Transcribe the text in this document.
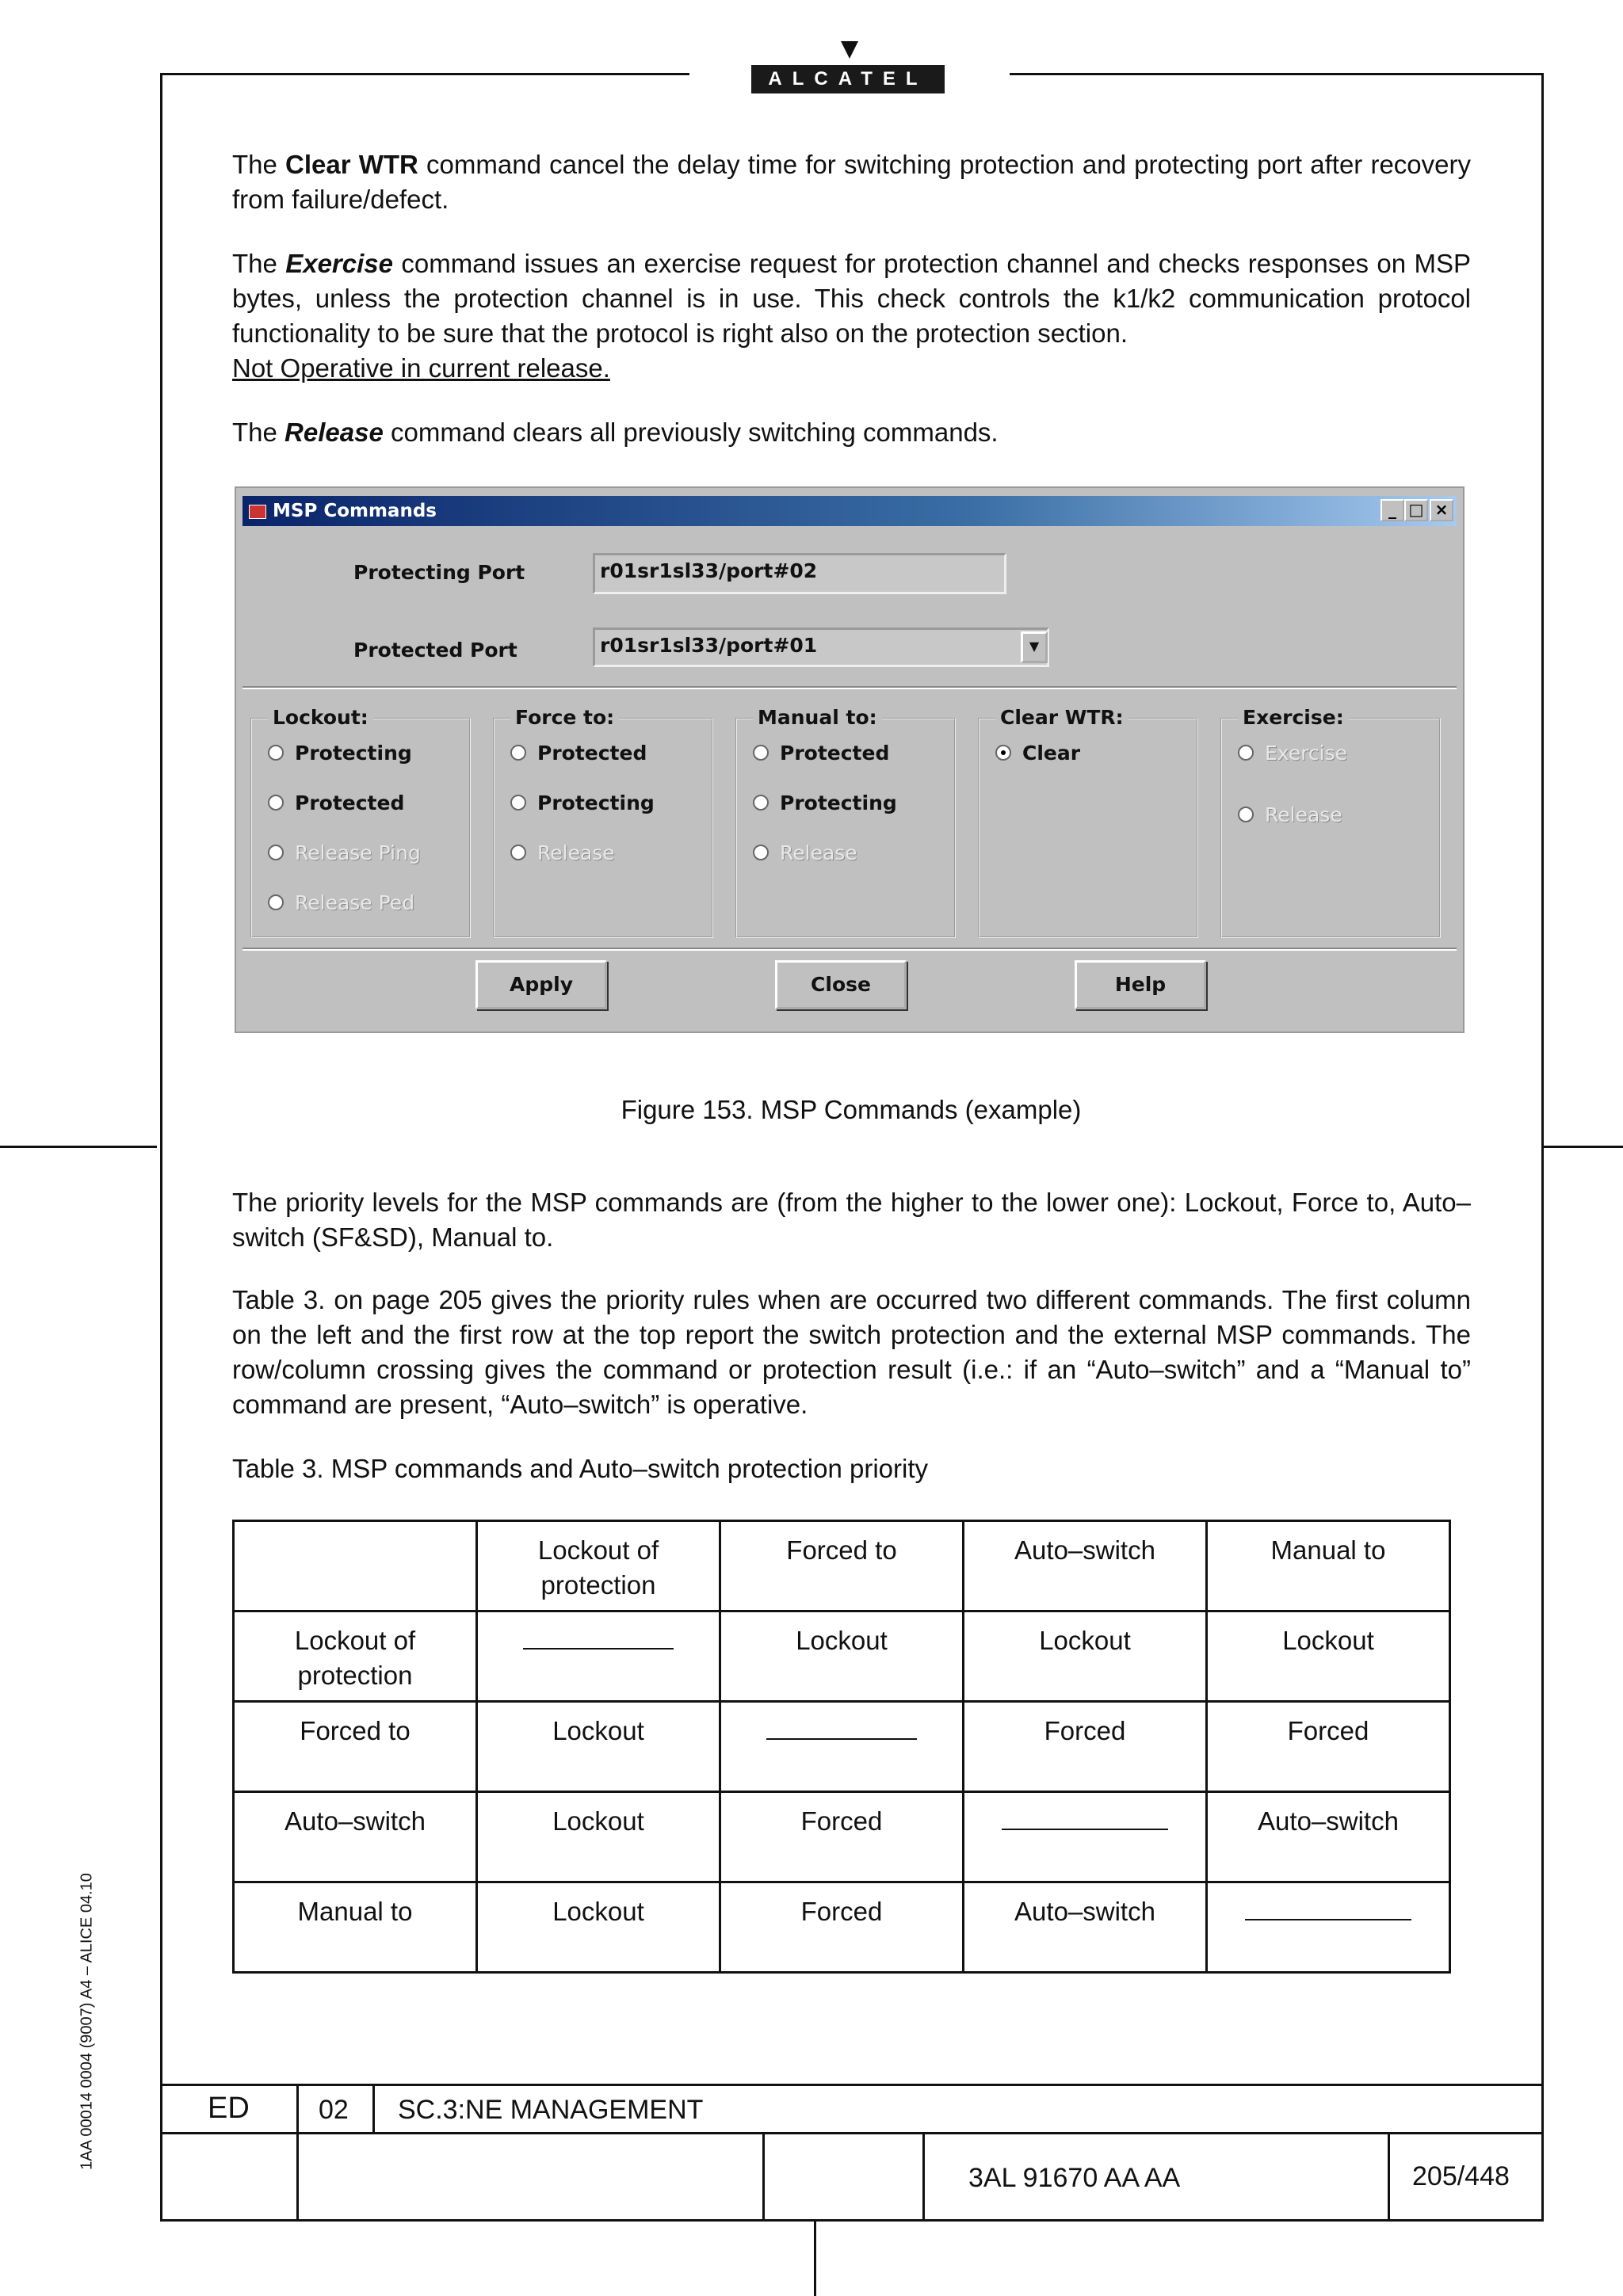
ALCATEL
The Clear WTR command cancel the delay time for switching protection and protecting port after recovery from failure/defect.
The Exercise command issues an exercise request for protection channel and checks responses on MSP bytes, unless the protection channel is in use. This check controls the k1/k2 communication protocol functionality to be sure that the protocol is right also on the protection section.
Not Operative in current release.
The Release command clears all previously switching commands.
MSP Commands	_ □ ×
Protecting Port	r01sr1sl33/port#02
Protected Port	r01sr1sl33/port#01	▼
Lockout:
Protecting
Protected
Release Ping
Release Ped
Force to:
Protected
Protecting
Release
Manual to:
Protected
Protecting
Release
Clear WTR:
Clear
Exercise:
Exercise
Release
Apply	Close	Help
Figure 153. MSP Commands (example)
The priority levels for the MSP commands are (from the higher to the lower one): Lockout, Force to, Auto–switch (SF&SD), Manual to.
Table 3. on page 205 gives the priority rules when are occurred two different commands. The first column on the left and the first row at the top report the switch protection and the external MSP commands. The row/column crossing gives the command or protection result (i.e.: if an “Auto–switch” and a “Manual to” command are present, “Auto–switch” is operative.
Table 3. MSP commands and Auto–switch protection priority
	Lockout of protection	Forced to	Auto–switch	Manual to
Lockout of protection		Lockout	Lockout	Lockout
Forced to	Lockout		Forced	Forced
Auto–switch	Lockout	Forced		Auto–switch
Manual to	Lockout	Forced	Auto–switch	
1AA 00014 0004 (9007) A4 – ALICE 04.10	ED	02 SC.3:NE MANAGEMENT
3AL 91670 AA AA	205/448
